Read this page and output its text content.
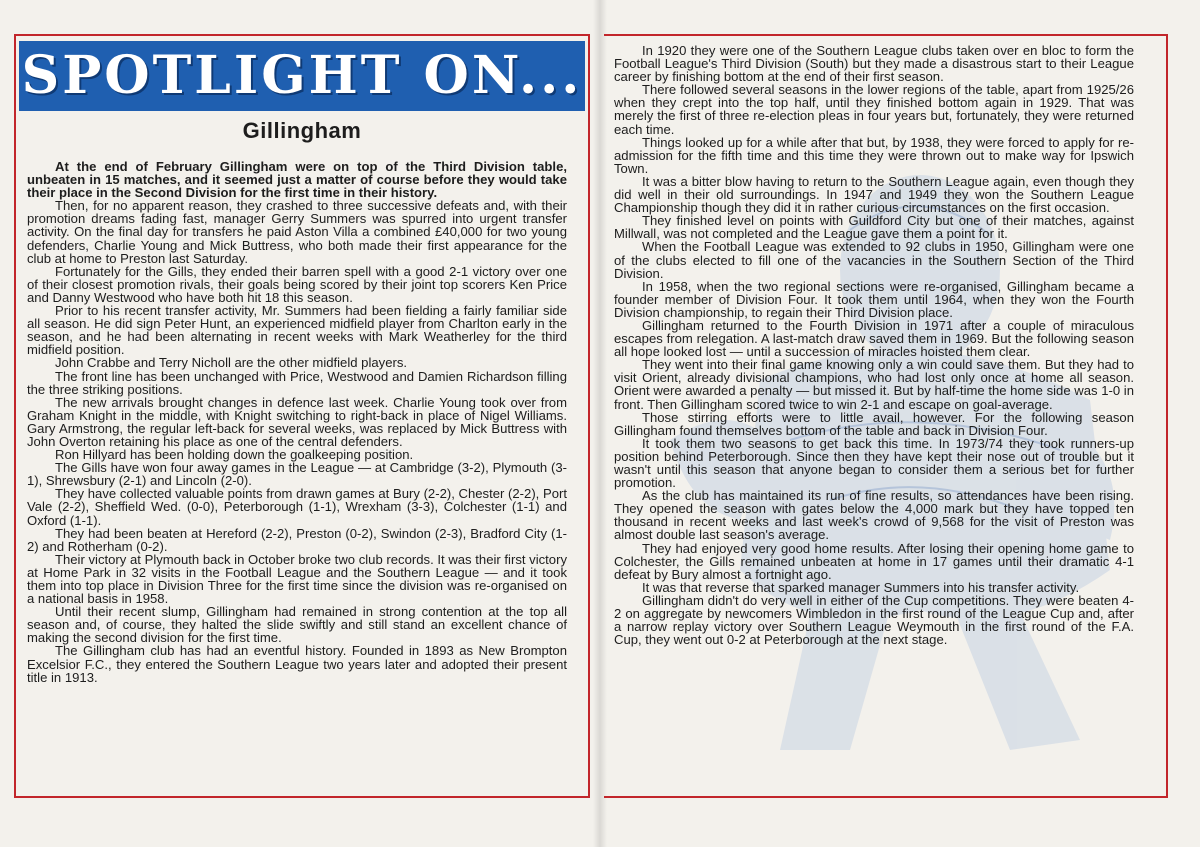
SPOTLIGHT ON...
Gillingham

At the end of February Gillingham were on top of the Third Division table, unbeaten in 15 matches, and it seemed just a matter of course before they would take their place in the Second Division for the first time in their history.

Then, for no apparent reason, they crashed to three successive defeats and, with their promotion dreams fading fast, manager Gerry Summers was spurred into urgent transfer activity. On the final day for transfers he paid Aston Villa a combined £40,000 for two young defenders, Charlie Young and Mick Buttress, who both made their first appearance for the club at home to Preston last Saturday.

Fortunately for the Gills, they ended their barren spell with a good 2-1 victory over one of their closest promotion rivals, their goals being scored by their joint top scorers Ken Price and Danny Westwood who have both hit 18 this season.

Prior to his recent transfer activity, Mr. Summers had been fielding a fairly familiar side all season. He did sign Peter Hunt, an experienced midfield player from Charlton early in the season, and he had been alternating in recent weeks with Mark Weatherley for the third midfield position.

John Crabbe and Terry Nicholl are the other midfield players.

The front line has been unchanged with Price, Westwood and Damien Richardson filling the three striking positions.

The new arrivals brought changes in defence last week. Charlie Young took over from Graham Knight in the middle, with Knight switching to right-back in place of Nigel Williams. Gary Armstrong, the regular left-back for several weeks, was replaced by Mick Buttress with John Overton retaining his place as one of the central defenders.

Ron Hillyard has been holding down the goalkeeping position.

The Gills have won four away games in the League — at Cambridge (3-2), Plymouth (3-1), Shrewsbury (2-1) and Lincoln (2-0).

They have collected valuable points from drawn games at Bury (2-2), Chester (2-2), Port Vale (2-2), Sheffield Wed. (0-0), Peterborough (1-1), Wrexham (3-3), Colchester (1-1) and Oxford (1-1).

They had been beaten at Hereford (2-2), Preston (0-2), Swindon (2-3), Bradford City (1-2) and Rotherham (0-2).

Their victory at Plymouth back in October broke two club records. It was their first victory at Home Park in 32 visits in the Football League and the Southern League — and it took them into top place in Division Three for the first time since the division was re-organised on a national basis in 1958.

Until their recent slump, Gillingham had remained in strong contention at the top all season and, of course, they halted the slide swiftly and still stand an excellent chance of making the second division for the first time.

The Gillingham club has had an eventful history. Founded in 1893 as New Brompton Excelsior F.C., they entered the Southern League two years later and adopted their present title in 1913.

In 1920 they were one of the Southern League clubs taken over en bloc to form the Football League's Third Division (South) but they made a disastrous start to their League career by finishing bottom at the end of their first season.

There followed several seasons in the lower regions of the table, apart from 1925/26 when they crept into the top half, until they finished bottom again in 1929. That was merely the first of three re-election pleas in four years but, fortunately, they were returned each time.

Things looked up for a while after that but, by 1938, they were forced to apply for re-admission for the fifth time and this time they were thrown out to make way for Ipswich Town.

It was a bitter blow having to return to the Southern League again, even though they did well in their old surroundings. In 1947 and 1949 they won the Southern League Championship though they did it in rather curious circumstances on the first occasion.

They finished level on points with Guildford City but one of their matches, against Millwall, was not completed and the League gave them a point for it.

When the Football League was extended to 92 clubs in 1950, Gillingham were one of the clubs elected to fill one of the vacancies in the Southern Section of the Third Division.

In 1958, when the two regional sections were re-organised, Gillingham became a founder member of Division Four. It took them until 1964, when they won the Fourth Division championship, to regain their Third Division place.

Gillingham returned to the Fourth Division in 1971 after a couple of miraculous escapes from relegation. A last-match draw saved them in 1969. But the following season all hope looked lost — until a succession of miracles hoisted them clear.

They went into their final game knowing only a win could save them. But they had to visit Orient, already divisional champions, who had lost only once at home all season. Orient were awarded a penalty — but missed it. But by half-time the home side was 1-0 in front. Then Gillingham scored twice to win 2-1 and escape on goal-average.

Those stirring efforts were to little avail, however. For the following season Gillingham found themselves bottom of the table and back in Division Four.

It took them two seasons to get back this time. In 1973/74 they took runners-up position behind Peterborough. Since then they have kept their nose out of trouble but it wasn't until this season that anyone began to consider them a serious bet for further promotion.

As the club has maintained its run of fine results, so attendances have been rising. They opened the season with gates below the 4,000 mark but they have topped ten thousand in recent weeks and last week's crowd of 9,568 for the visit of Preston was almost double last season's average.

They had enjoyed very good home results. After losing their opening home game to Colchester, the Gills remained unbeaten at home in 17 games until their dramatic 4-1 defeat by Bury almost a fortnight ago.

It was that reverse that sparked manager Summers into his transfer activity.

Gillingham didn't do very well in either of the Cup competitions. They were beaten 4-2 on aggregate by newcomers Wimbledon in the first round of the League Cup and, after a narrow replay victory over Southern League Weymouth in the first round of the F.A. Cup, they went out 0-2 at Peterborough at the next stage.
